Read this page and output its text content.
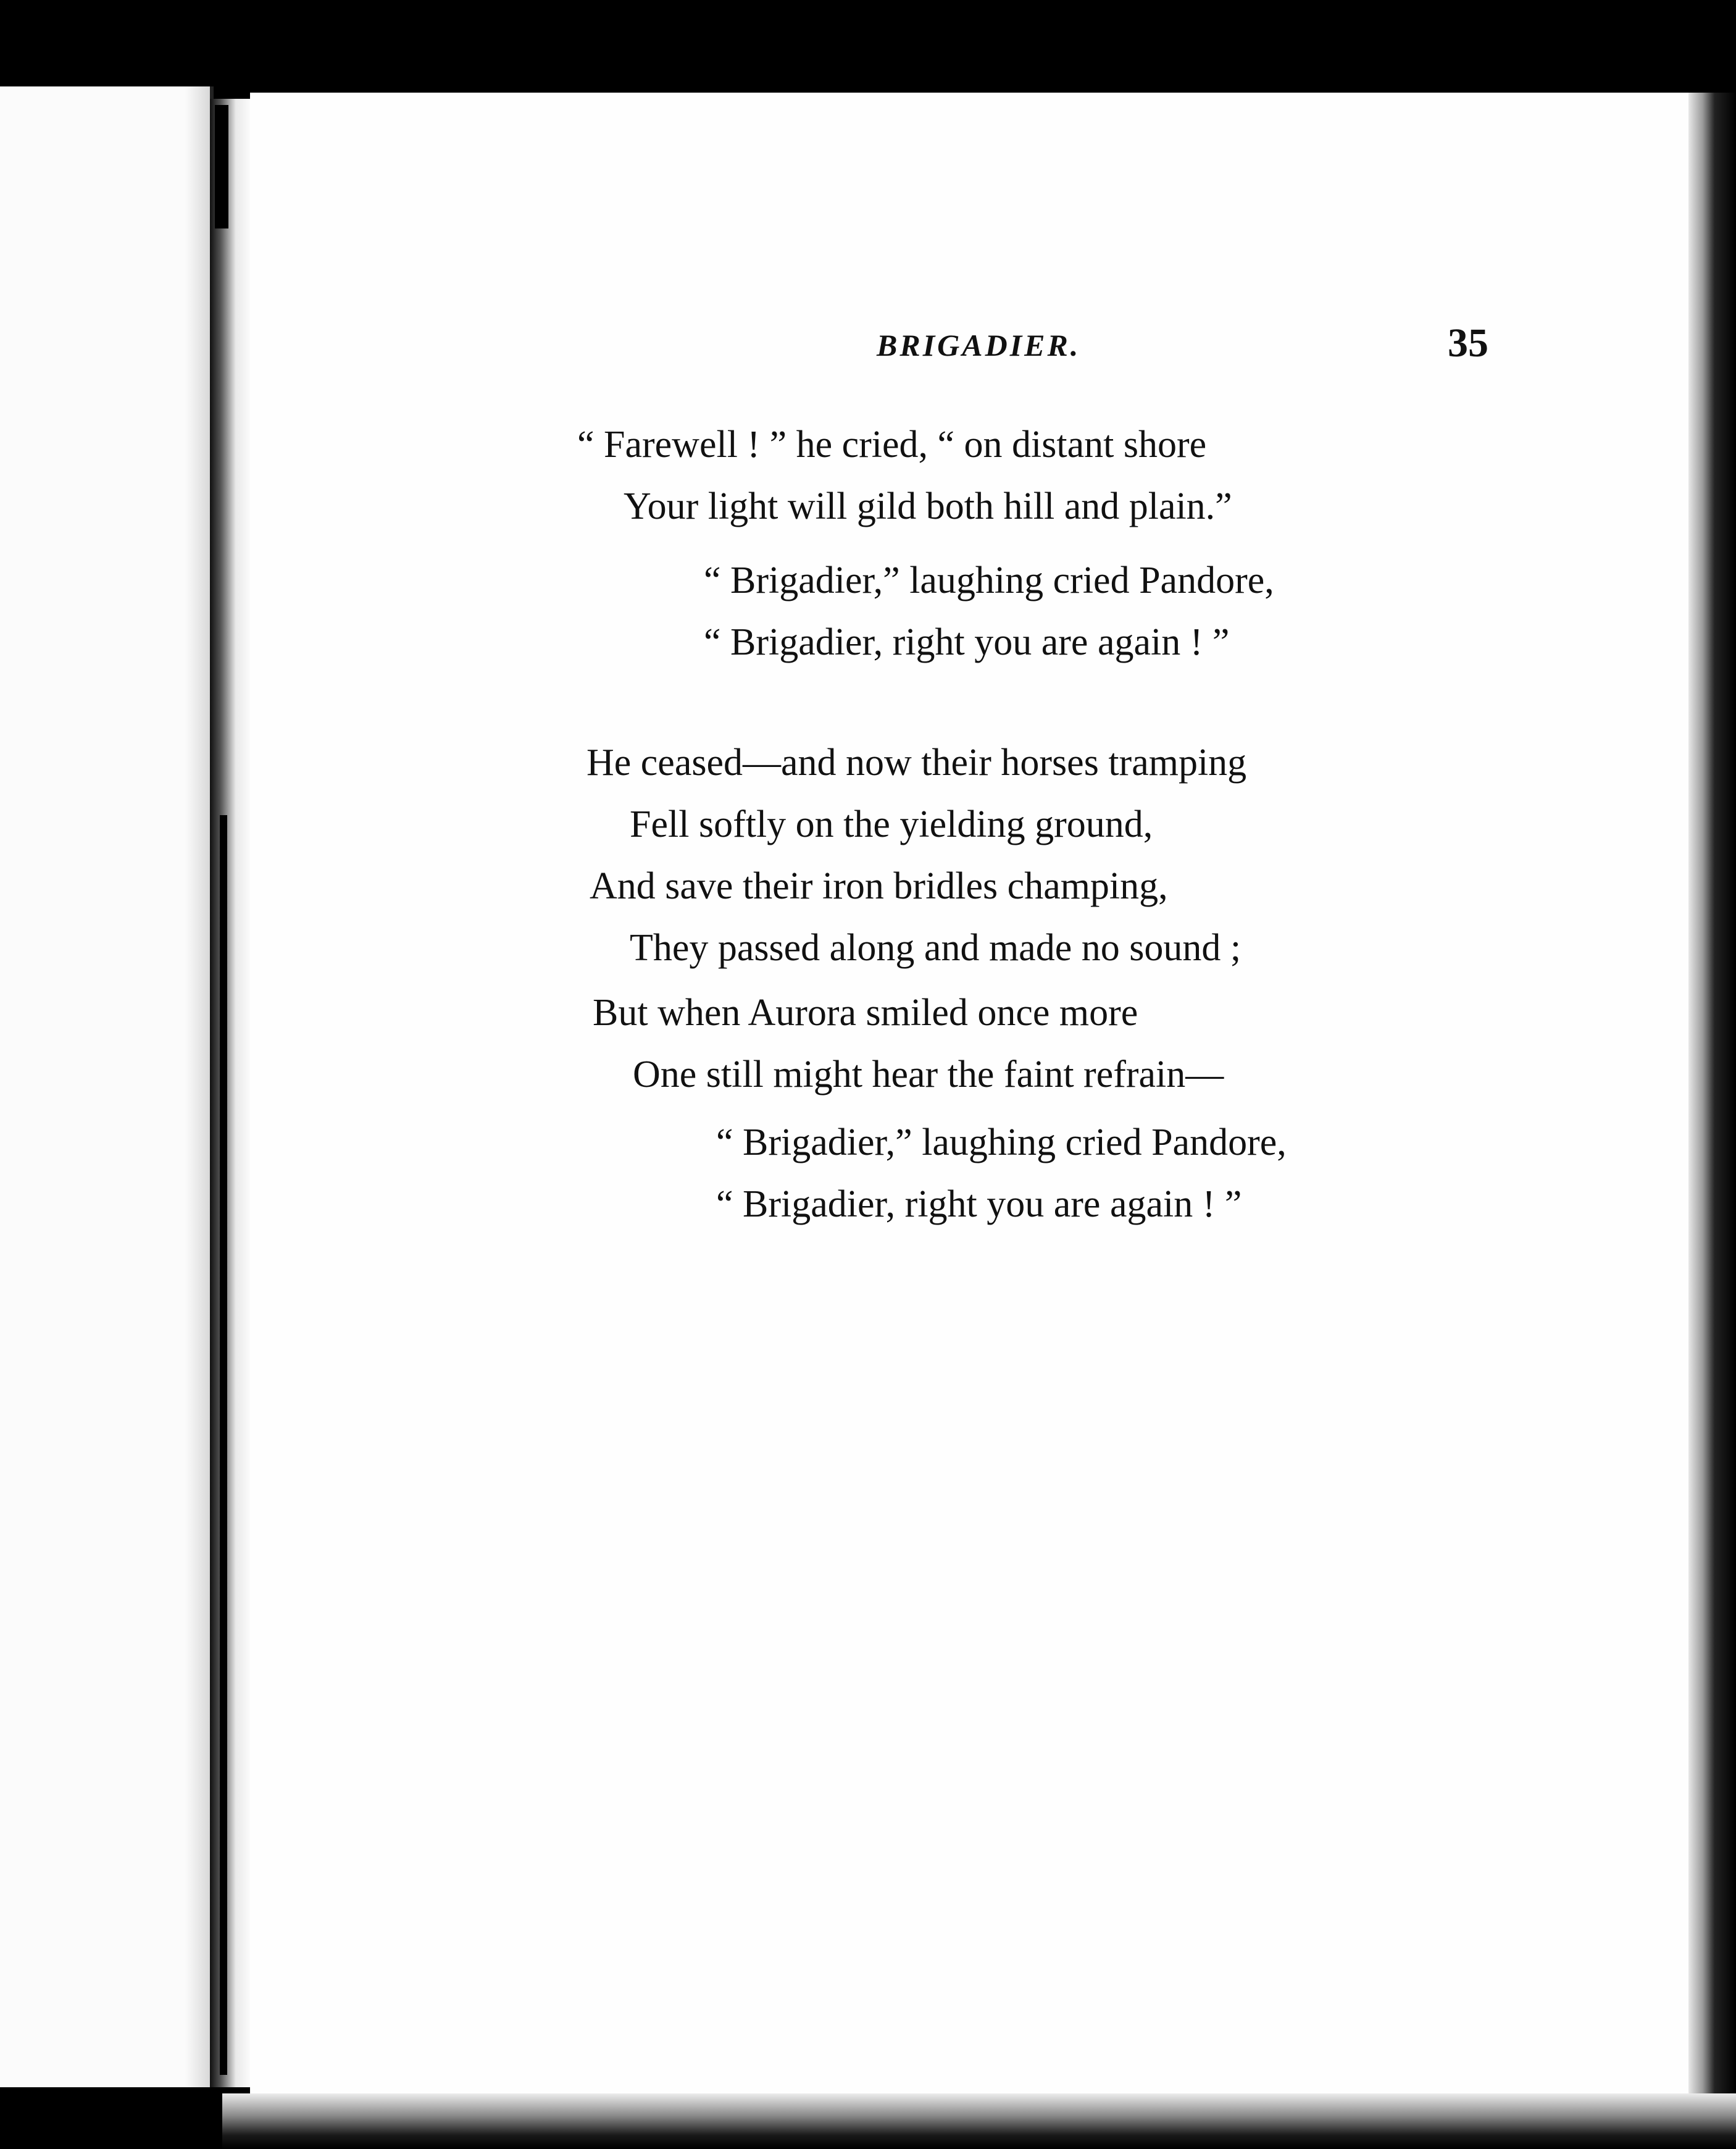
BRIGADIER.	35
“ Farewell ! ” he cried, “ on distant shore
Your light will gild both hill and plain.”
“ Brigadier,” laughing cried Pandore,
“ Brigadier, right you are again ! ”
He ceased—and now their horses tramping
Fell softly on the yielding ground,
And save their iron bridles champing,
They passed along and made no sound ;
But when Aurora smiled once more
One still might hear the faint refrain—
“ Brigadier,” laughing cried Pandore,
“ Brigadier, right you are again ! ”
